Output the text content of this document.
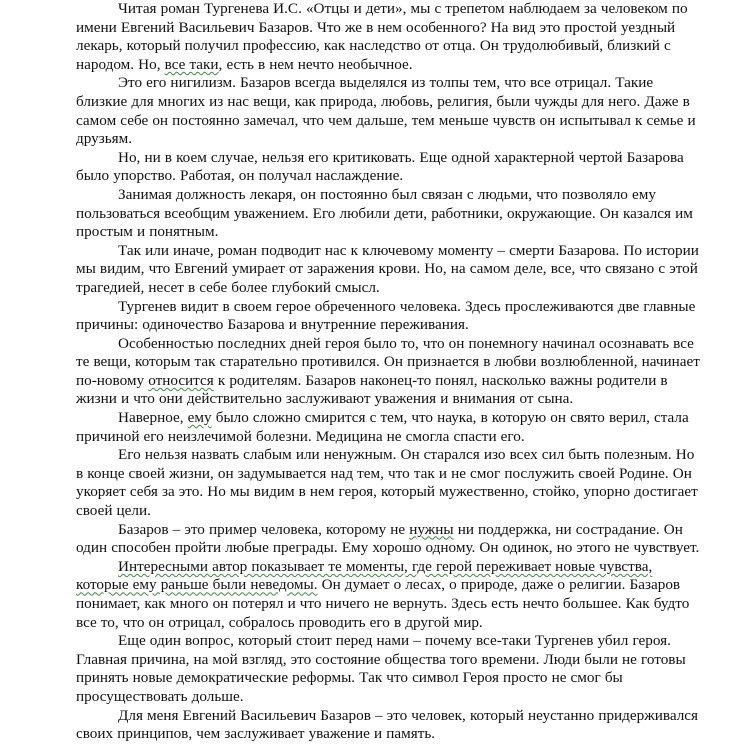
Читая роман Тургенева И.С. «Отцы и дети», мы с трепетом наблюдаем за человеком по имени Евгений Васильевич Базаров. Что же в нем особенного? На вид это простой уездный лекарь, который получил профессию, как наследство от отца. Он трудолюбивый, близкий с народом. Но, все таки, есть в нем нечто необычное.

Это его нигилизм. Базаров всегда выделялся из толпы тем, что все отрицал. Такие близкие для многих из нас вещи, как природа, любовь, религия, были чужды для него. Даже в самом себе он постоянно замечал, что чем дальше, тем меньше чувств он испытывал к семье и друзьям.

Но, ни в коем случае, нельзя его критиковать. Еще одной характерной чертой Базарова было упорство. Работая, он получал наслаждение.

Занимая должность лекаря, он постоянно был связан с людьми, что позволяло ему пользоваться всеобщим уважением. Его любили дети, работники, окружающие. Он казался им простым и понятным.

Так или иначе, роман подводит нас к ключевому моменту – смерти Базарова. По истории мы видим, что Евгений умирает от заражения крови. Но, на самом деле, все, что связано с этой трагедией, несет в себе более глубокий смысл.

Тургенев видит в своем герое обреченного человека. Здесь прослеживаются две главные причины: одиночество Базарова и внутренние переживания.

Особенностью последних дней героя было то, что он понемногу начинал осознавать все те вещи, которым так старательно противился. Он признается в любви возлюбленной, начинает по-новому относится к родителям. Базаров наконец-то понял, насколько важны родители в жизни и что они действительно заслуживают уважения и внимания от сына.

Наверное, ему было сложно смирится с тем, что наука, в которую он свято верил, стала причиной его неизлечимой болезни. Медицина не смогла спасти его.

Его нельзя назвать слабым или ненужным. Он старался изо всех сил быть полезным. Но в конце своей жизни, он задумывается над тем, что так и не смог послужить своей Родине. Он укоряет себя за это. Но мы видим в нем героя, который мужественно, стойко, упорно достигает своей цели.

Базаров – это пример человека, которому не нужны ни поддержка, ни сострадание. Он один способен пройти любые преграды. Ему хорошо одному. Он одинок, но этого не чувствует.

Интересными автор показывает те моменты, где герой переживает новые чувства, которые ему раньше были неведомы. Он думает о лесах, о природе, даже о религии. Базаров понимает, как много он потерял и что ничего не вернуть. Здесь есть нечто большее. Как будто все то, что он отрицал, собралось проводить его в другой мир.

Еще один вопрос, который стоит перед нами – почему все-таки Тургенев убил героя. Главная причина, на мой взгляд, это состояние общества того времени. Люди были не готовы принять новые демократические реформы. Так что символ Героя просто не смог бы просуществовать дольше.

Для меня Евгений Васильевич Базаров – это человек, который неустанно придерживался своих принципов, чем заслуживает уважение и память.
